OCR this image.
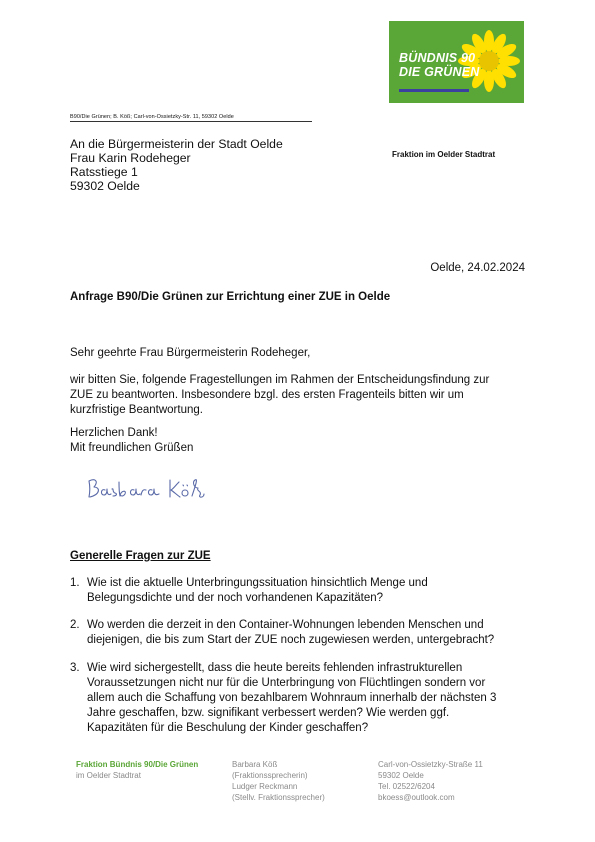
BÜNDNIS 90
DIE GRÜNEN
B90/Die Grünen; B. Köß; Carl-von-Ossietzky-Str. 11, 59302 Oelde
An die Bürgermeisterin der Stadt Oelde
Frau Karin Rodeheger
Ratsstiege 1
59302 Oelde
Fraktion im Oelder Stadtrat
Oelde, 24.02.2024
Anfrage B90/Die Grünen zur Errichtung einer ZUE in Oelde
Sehr geehrte Frau Bürgermeisterin Rodeheger,
wir bitten Sie, folgende Fragestellungen im Rahmen der Entscheidungsfindung zur
ZUE zu beantworten. Insbesondere bzgl. des ersten Fragenteils bitten wir um
kurzfristige Beantwortung.
Herzlichen Dank!
Mit freundlichen Grüßen
Generelle Fragen zur ZUE
1. Wie ist die aktuelle Unterbringungssituation hinsichtlich Menge und
Belegungsdichte und der noch vorhandenen Kapazitäten?
2. Wo werden die derzeit in den Container-Wohnungen lebenden Menschen und
diejenigen, die bis zum Start der ZUE noch zugewiesen werden, untergebracht?
3. Wie wird sichergestellt, dass die heute bereits fehlenden infrastrukturellen
Voraussetzungen nicht nur für die Unterbringung von Flüchtlingen sondern vor
allem auch die Schaffung von bezahlbarem Wohnraum innerhalb der nächsten 3
Jahre geschaffen, bzw. signifikant verbessert werden? Wie werden ggf.
Kapazitäten für die Beschulung der Kinder geschaffen?
Fraktion Bündnis 90/Die Grünen
im Oelder Stadtrat
Barbara Köß
(Fraktionssprecherin)
Ludger Reckmann
(Stellv. Fraktionssprecher)
Carl-von-Ossietzky-Straße 11
59302 Oelde
Tel. 02522/6204
bkoess@outlook.com
